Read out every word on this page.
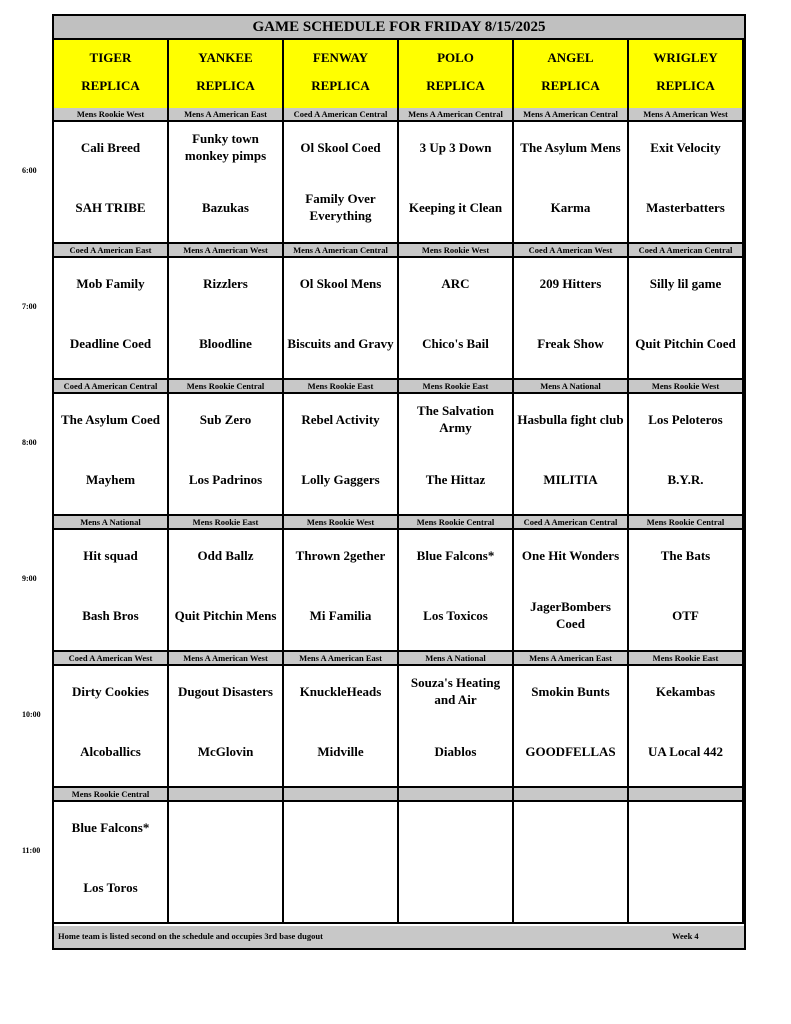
6:00
7:00
8:00
9:00
10:00
11:00
GAME SCHEDULE FOR FRIDAY 8/15/2025
TIGER
REPLICA
YANKEE
REPLICA
FENWAY
REPLICA
POLO
REPLICA
ANGEL
REPLICA
WRIGLEY
REPLICA
Mens Rookie West
Cali Breed
SAH TRIBE
Mens A American East
Funky town monkey pimps
Bazukas
Coed A American Central
Ol Skool Coed
Family Over Everything
Mens A American Central
3 Up 3 Down
Keeping it Clean
Mens A American Central
The Asylum Mens
Karma
Mens A American West
Exit Velocity
Masterbatters
Coed A American East
Mob Family
Deadline Coed
Mens A American West
Rizzlers
Bloodline
Mens A American Central
Ol Skool Mens
Biscuits and Gravy
Mens Rookie West
ARC
Chico's Bail
Coed A American West
209 Hitters
Freak Show
Coed A American Central
Silly lil game
Quit Pitchin Coed
Coed A American Central
The Asylum Coed
Mayhem
Mens Rookie Central
Sub Zero
Los Padrinos
Mens Rookie East
Rebel Activity
Lolly Gaggers
Mens Rookie East
The Salvation Army
The Hittaz
Mens A National
Hasbulla fight club
MILITIA
Mens Rookie West
Los Peloteros
B.Y.R.
Mens A National
Hit squad
Bash Bros
Mens Rookie East
Odd Ballz
Quit Pitchin Mens
Mens Rookie West
Thrown 2gether
Mi Familia
Mens Rookie Central
Blue Falcons*
Los Toxicos
Coed A American Central
One Hit Wonders
JagerBombers Coed
Mens Rookie Central
The Bats
OTF
Coed A American West
Dirty Cookies
Alcoballics
Mens A American West
Dugout Disasters
McGlovin
Mens A American East
KnuckleHeads
Midville
Mens A National
Souza's Heating and Air
Diablos
Mens A American East
Smokin Bunts
GOODFELLAS
Mens Rookie East
Kekambas
UA Local 442
Mens Rookie Central
Blue Falcons*
Los Toros
Home team is listed second on the schedule and occupies 3rd base dugout	Week 4
